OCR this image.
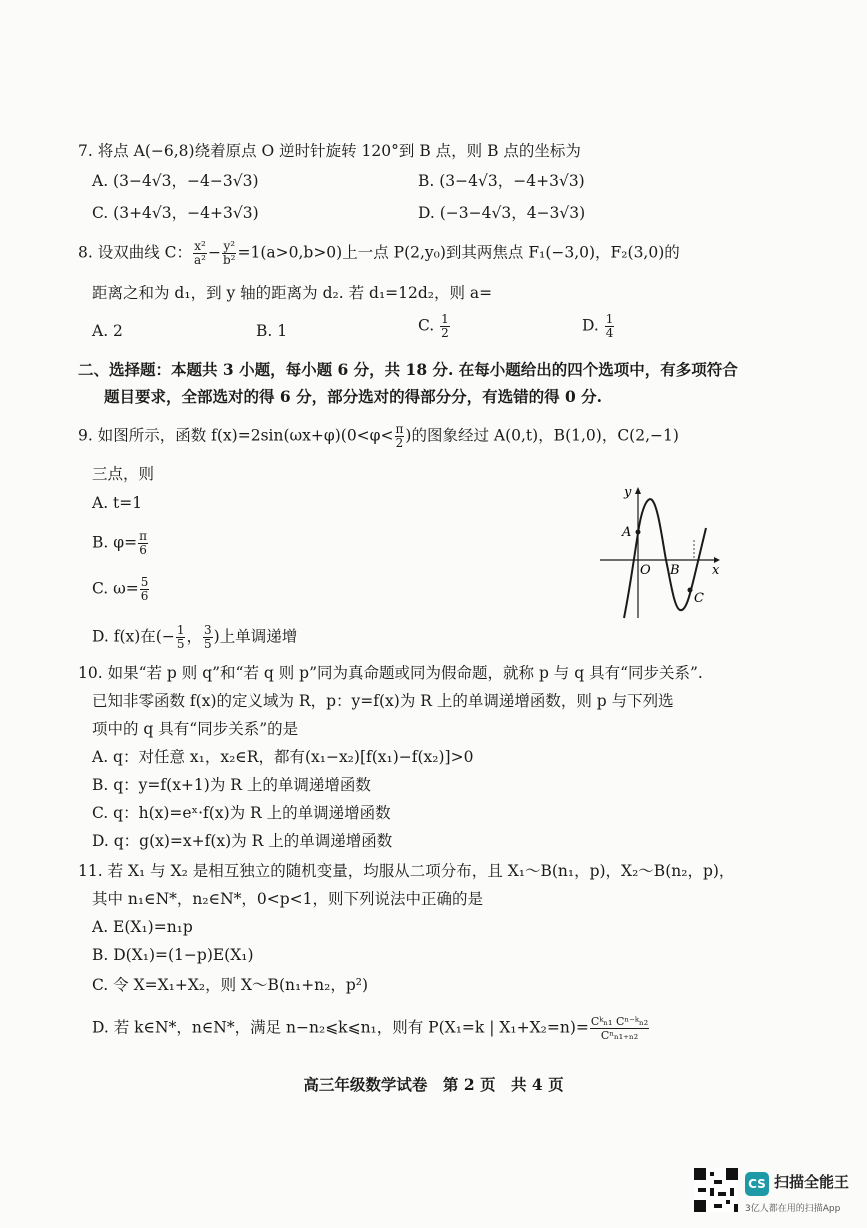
7. 将点 A(−6,8)绕着原点 O 逆时针旋转 120°到 B 点，则 B 点的坐标为
A. (3−4√3，−4−3√3)	B. (3−4√3，−4+3√3)
C. (3+4√3，−4+3√3)	D. (−3−4√3，4−3√3)
8. 设双曲线 C： $\frac{\text{x²}}{\text{a²}} - \frac{\text{y²}}{\text{b²}} =1(a>0,b>0)$上一点 P(2,y₀)到其两焦点 F₁(−3,0)，F₂(3,0)的
距离之和为 d₁，到 y 轴的距离为 d₂. 若 d₁=12d₂，则 a=
A. 2	B. 1	C. $\frac{1}{2}$	D. $\frac{1}{4}$
二、选择题：本题共 3 小题，每小题 6 分，共 18 分. 在每小题给出的四个选项中，有多项符合
题目要求，全部选对的得 6 分，部分选对的得部分分，有选错的得 0 分.
9. 如图所示，函数 $f(x)=2\sin(\omega x+\varphi)(0<\varphi< \frac{\pi}{2}$ )的图象经过 A(0,t)，B(1,0)，C(2,−1)
三点，则
A. t=1
B. $\varphi= \frac{\pi}{6}$
C. $\omega= \frac{5}{6}$
D. f(x)在(− $\frac{1}{5}$ ， $\frac{3}{5}$ )上单调递增
y
x
O
A
B
C
10. 如果“若 p 则 q”和“若 q 则 p”同为真命题或同为假命题，就称 p 与 q 具有“同步关系”.
已知非零函数 f(x)的定义域为 R，p：y=f(x)为 R 上的单调递增函数，则 p 与下列选
项中的 q 具有“同步关系”的是
A. q：对任意 x₁，x₂∈R，都有(x₁−x₂)[f(x₁)−f(x₂)]>0
B. q：y=f(x+1)为 R 上的单调递增函数
C. q：h(x)=eˣ·f(x)为 R 上的单调递增函数
D. q：g(x)=x+f(x)为 R 上的单调递增函数
11. 若 X₁ 与 X₂ 是相互独立的随机变量，均服从二项分布，且 X₁～B(n₁，p)，X₂～B(n₂，p)，
其中 n₁∈N*，n₂∈N*，0<p<1，则下列说法中正确的是
A. E(X₁)=n₁p
B. D(X₁)=(1−p)E(X₁)
C. 令 X=X₁+X₂，则 X～B(n₁+n₂，p²)
D. 若 k∈N*，n∈N*，满足 n−n₂⩽k⩽n₁，则有 P(X₁=k | X₁+X₂=n)= Cᵏₙ₁ Cⁿ⁻ᵏₙ₂
Cⁿₙ₁₊ₙ₂
高三年级数学试卷　第 2 页　共 4 页
CS 扫描全能王
3亿人都在用的扫描App
